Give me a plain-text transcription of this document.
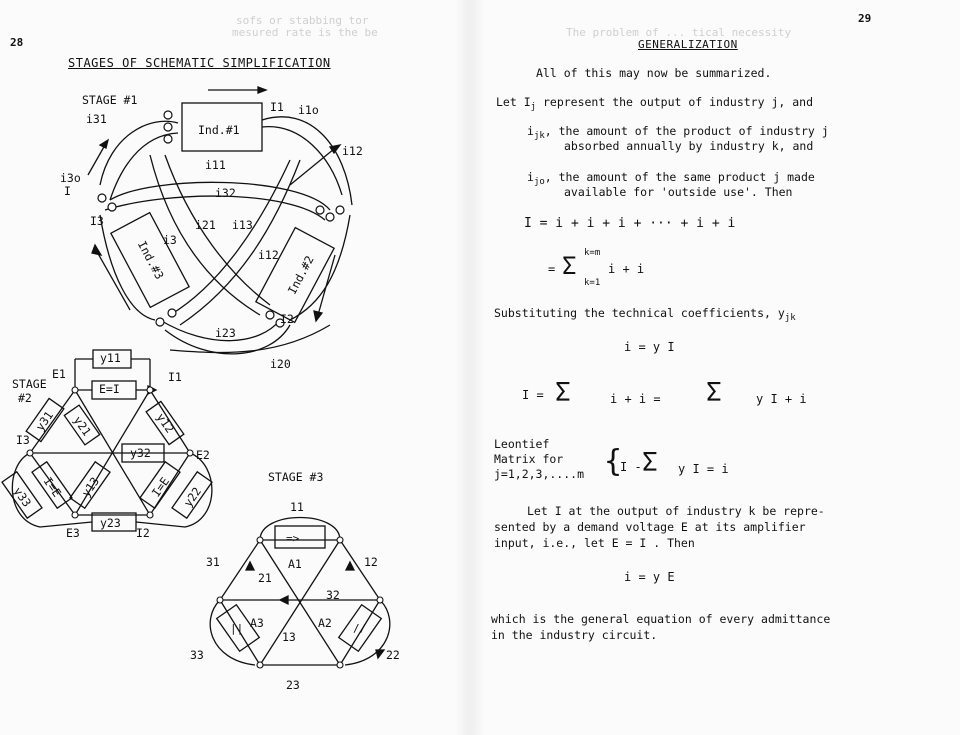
sofs or stabbing tor
mesured rate is the be	The problem of ... tical necessity
28
STAGES OF SCHEMATIC SIMPLIFICATION
STAGE #1
Ind.#1
Ind.#3	Ind.#2
i31
I1 i1o
i12
i11
i3o
I	i32
I3	i21 i13
i3
i12
I2
i23
i20
STAGE
#2
y11
E=I
E1	I1
y31 y21	y12
I3
y32	E2
y33 I=E y13	I=E y22
y23
E3	I2
STAGE #3
=>
||	//
11
31	12
21
A1
32
A3	A2
13
33	22
23
29
GENERALIZATION
All of this may now be summarized.
Let $I_j$ represent the output of industry j, and
$i_{jk}$, the amount of the product of industry j
absorbed annually by industry k, and
$i_{jo}$, the amount of the same product j made
available for 'outside use'. Then
I = i + i + i + ··· + i + i
= Σ k=m
k=1
i + i
Substituting the technical coefficients, $y_{jk}$
i = y I
I = Σ	i + i = Σ	y I + i
Leontief
Matrix for
j=1,2,3,....m {
I - Σ y I = i
Let I at the output of industry k be repre-
sented by a demand voltage E at its amplifier
input, i.e., let E = I . Then
i = y E
which is the general equation of every admittance
in the industry circuit.
